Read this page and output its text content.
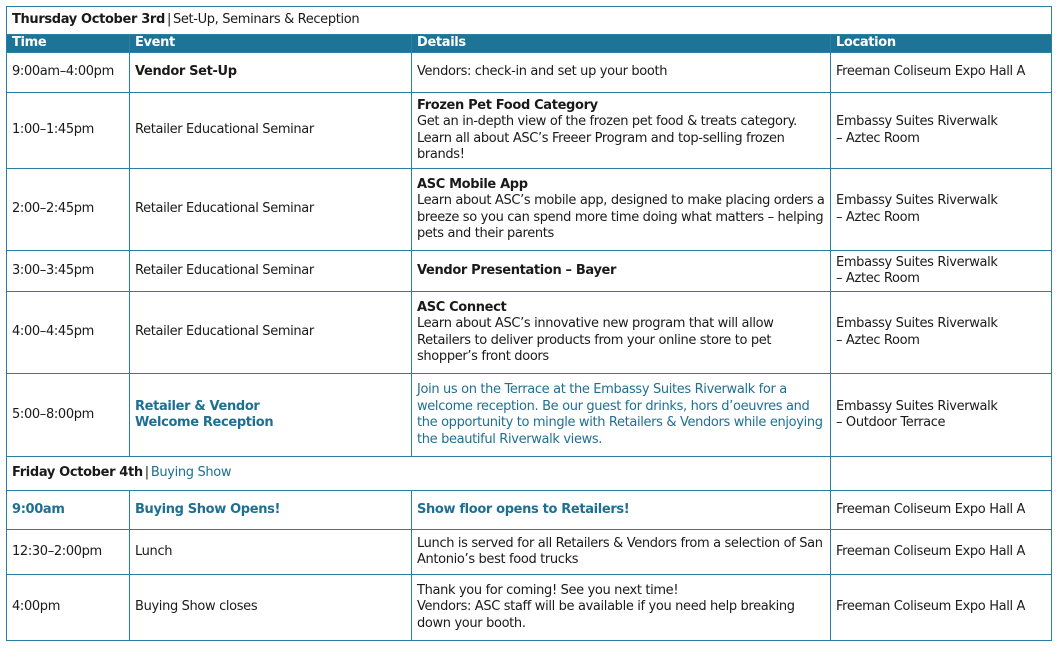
Thursday October 3rd | Set-Up, Seminars & Reception			
Time	Event	Details	Location
9:00am–4:00pm	Vendor Set-Up	Vendors: check-in and set up your booth	Freeman Coliseum Expo Hall A

1:00–1:45pm	Retailer Educational Seminar	Frozen Pet Food Category
Get an in-depth view of the frozen pet food & treats category. Learn all about ASC’s Freeer Program and top-selling frozen brands!	Embassy Suites Riverwalk
– Aztec Room

2:00–2:45pm	Retailer Educational Seminar	ASC Mobile App
Learn about ASC’s mobile app, designed to make placing orders a breeze so you can spend more time doing what matters – helping pets and their parents	Embassy Suites Riverwalk
– Aztec Room

3:00–3:45pm	Retailer Educational Seminar	Vendor Presentation – Bayer	Embassy Suites Riverwalk
– Aztec Room

4:00–4:45pm	Retailer Educational Seminar	ASC Connect
Learn about ASC’s innovative new program that will allow Retailers to deliver products from your online store to pet shopper’s front doors	Embassy Suites Riverwalk
– Aztec Room

5:00–8:00pm	Retailer & Vendor
Welcome Reception	Join us on the Terrace at the Embassy Suites Riverwalk for a welcome reception. Be our guest for drinks, hors d’oeuvres and the opportunity to mingle with Retailers & Vendors while enjoying the beautiful Riverwalk views.	Embassy Suites Riverwalk
– Outdoor Terrace

Friday October 4th | Buying Show			
9:00am	Buying Show Opens!	Show floor opens to Retailers!	Freeman Coliseum Expo Hall A

12:30–2:00pm	Lunch	Lunch is served for all Retailers & Vendors from a selection of San Antonio’s best food trucks	Freeman Coliseum Expo Hall A

4:00pm	Buying Show closes	Thank you for coming! See you next time!
Vendors: ASC staff will be available if you need help breaking down your booth.	Freeman Coliseum Expo Hall A
